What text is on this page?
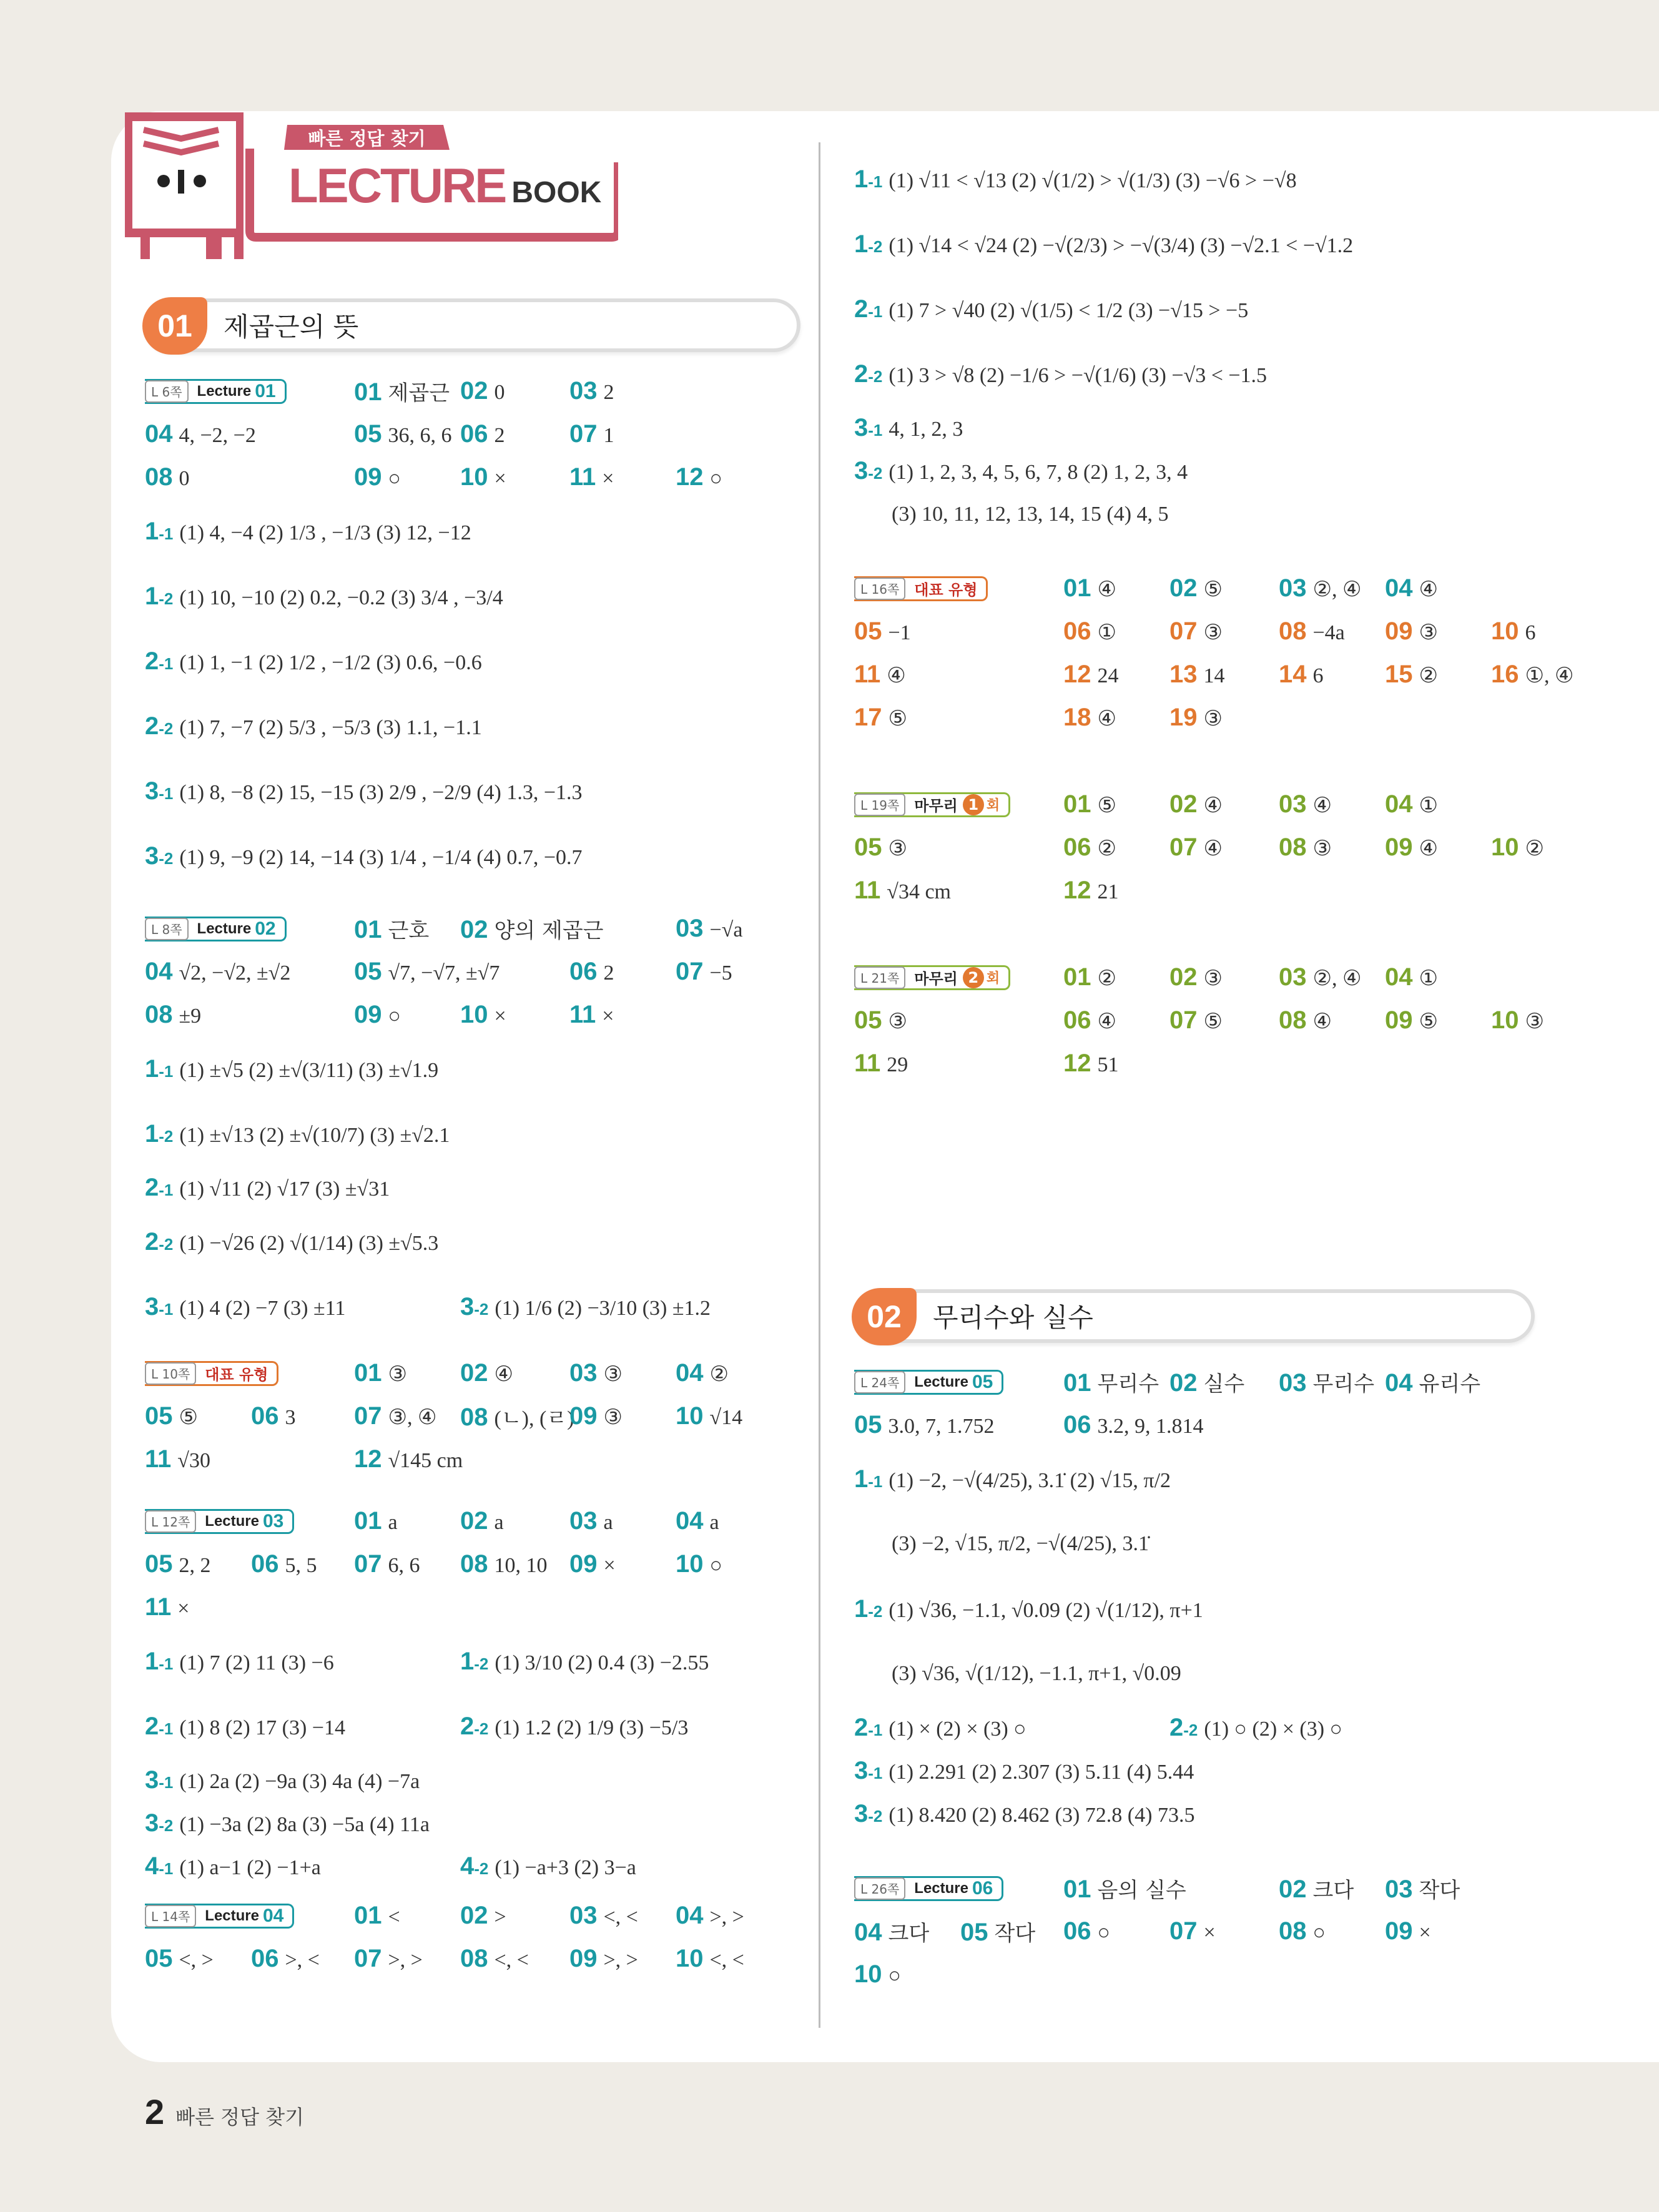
빠른 정답 찾기
LECTURE BOOK
01	제곱근의 뜻
L 6쪽	Lecture 01	01 제곱근 02 0	03 2
04 4, −2, −2	05 36, 6, 6 06 2	07 1
08 0	09 ○ 10 ×	11 × 12 ○
1-1 (1) 4, −4 (2) 1/3 , −1/3 (3) 12, −12
1-2 (1) 10, −10 (2) 0.2, −0.2 (3) 3/4 , −3/4
2-1 (1) 1, −1 (2) 1/2 , −1/2 (3) 0.6, −0.6
2-2 (1) 7, −7 (2) 5/3 , −5/3 (3) 1.1, −1.1
3-1 (1) 8, −8 (2) 15, −15 (3) 2/9 , −2/9 (4) 1.3, −1.3
3-2 (1) 9, −9 (2) 14, −14 (3) 1/4 , −1/4 (4) 0.7, −0.7
L 8쪽	Lecture 02	01 근호 02 양의 제곱근	03 −√a
04 √2, −√2, ±√2	05 √7, −√7, ±√7	06 2 07 −5
08 ±9	09 ○ 10 ×	11 ×
1-1 (1) ±√5 (2) ±√(3/11) (3) ±√1.9
1-2 (1) ±√13 (2) ±√(10/7) (3) ±√2.1
2-1 (1) √11 (2) √17 (3) ±√31
2-2 (1) −√26 (2) √(1/14) (3) ±√5.3
3-1 (1) 4 (2) −7 (3) ±11	3-2 (1) 1/6 (2) −3/10 (3) ±1.2
L 10쪽	대표 유형	01 ③ 02 ④ 03 ③ 04 ②
05 ⑤ 06 3 07 ③, ④ 08 (ㄴ), (ㄹ)
09 ③ 10 √14
11 √30	12 √145 cm
L 12쪽	Lecture 03	01 a	02 a	03 a	04 a
05 2, 2 06 5, 5 07 6, 6 08 10, 10 09 × 10 ○
11 ×
1-1 (1) 7 (2) 11 (3) −6	1-2 (1) 3/10 (2) 0.4 (3) −2.55
2-1 (1) 8 (2) 17 (3) −14	2-2 (1) 1.2 (2) 1/9 (3) −5/3
3-1 (1) 2a (2) −9a (3) 4a (4) −7a
3-2 (1) −3a (2) 8a (3) −5a (4) 11a
4-1 (1) a−1 (2) −1+a	4-2 (1) −a+3 (2) 3−a
L 14쪽	Lecture 04	01 < 02 >	03 <, < 04 >, >
05 <, > 06 >, < 07 >, > 08 <, < 09 >, > 10 <, <
1-1 (1) √11 < √13 (2) √(1/2) > √(1/3) (3) −√6 > −√8
1-2 (1) √14 < √24 (2) −√(2/3) > −√(3/4) (3) −√2.1 < −√1.2
2-1 (1) 7 > √40 (2) √(1/5) < 1/2 (3) −√15 > −5
2-2 (1) 3 > √8 (2) −1/6 > −√(1/6) (3) −√3 < −1.5
3-1 4, 1, 2, 3
3-2 (1) 1, 2, 3, 4, 5, 6, 7, 8 (2) 1, 2, 3, 4
(3) 10, 11, 12, 13, 14, 15 (4) 4, 5
L 16쪽	대표 유형	01 ④ 02 ⑤ 03 ②, ④ 04 ④
05 −1	06 ① 07 ③ 08 −4a 09 ③ 10 6
11 ④	12 24 13 14 14 6 15 ② 16 ①, ④
17 ⑤	18 ④ 19 ③
L 19쪽	마무리 1 회	01 ⑤ 02 ④ 03 ④ 04 ①
05 ③	06 ② 07 ④ 08 ③ 09 ④ 10 ②
11 √34 cm	12 21
L 21쪽	마무리 2 회	01 ② 02 ③ 03 ②, ④ 04 ①
05 ③	06 ④ 07 ⑤ 08 ④ 09 ⑤ 10 ③
11 29	12 51
02	무리수와 실수
L 24쪽	Lecture 05	01 무리수 02 실수 03 무리수 04 유리수
05 3.0, 7, 1.752	06 3.2, 9, 1.814
1-1 (1) −2, −√(4/25), 3.1̇ (2) √15, π/2
(3) −2, √15, π/2, −√(4/25), 3.1̇
1-2 (1) √36, −1.1, √0.09 (2) √(1/12), π+1
(3) √36, √(1/12), −1.1, π+1, √0.09
2-1 (1) × (2) × (3) ○	2-2 (1) ○ (2) × (3) ○
3-1 (1) 2.291 (2) 2.307 (3) 5.11 (4) 5.44
3-2 (1) 8.420 (2) 8.462 (3) 72.8 (4) 73.5
L 26쪽	Lecture 06	01 음의 실수	02 크다 03 작다
04 크다 05 작다 06 ○ 07 ×	08 ○ 09 ×
10 ○
2 빠른 정답 찾기
